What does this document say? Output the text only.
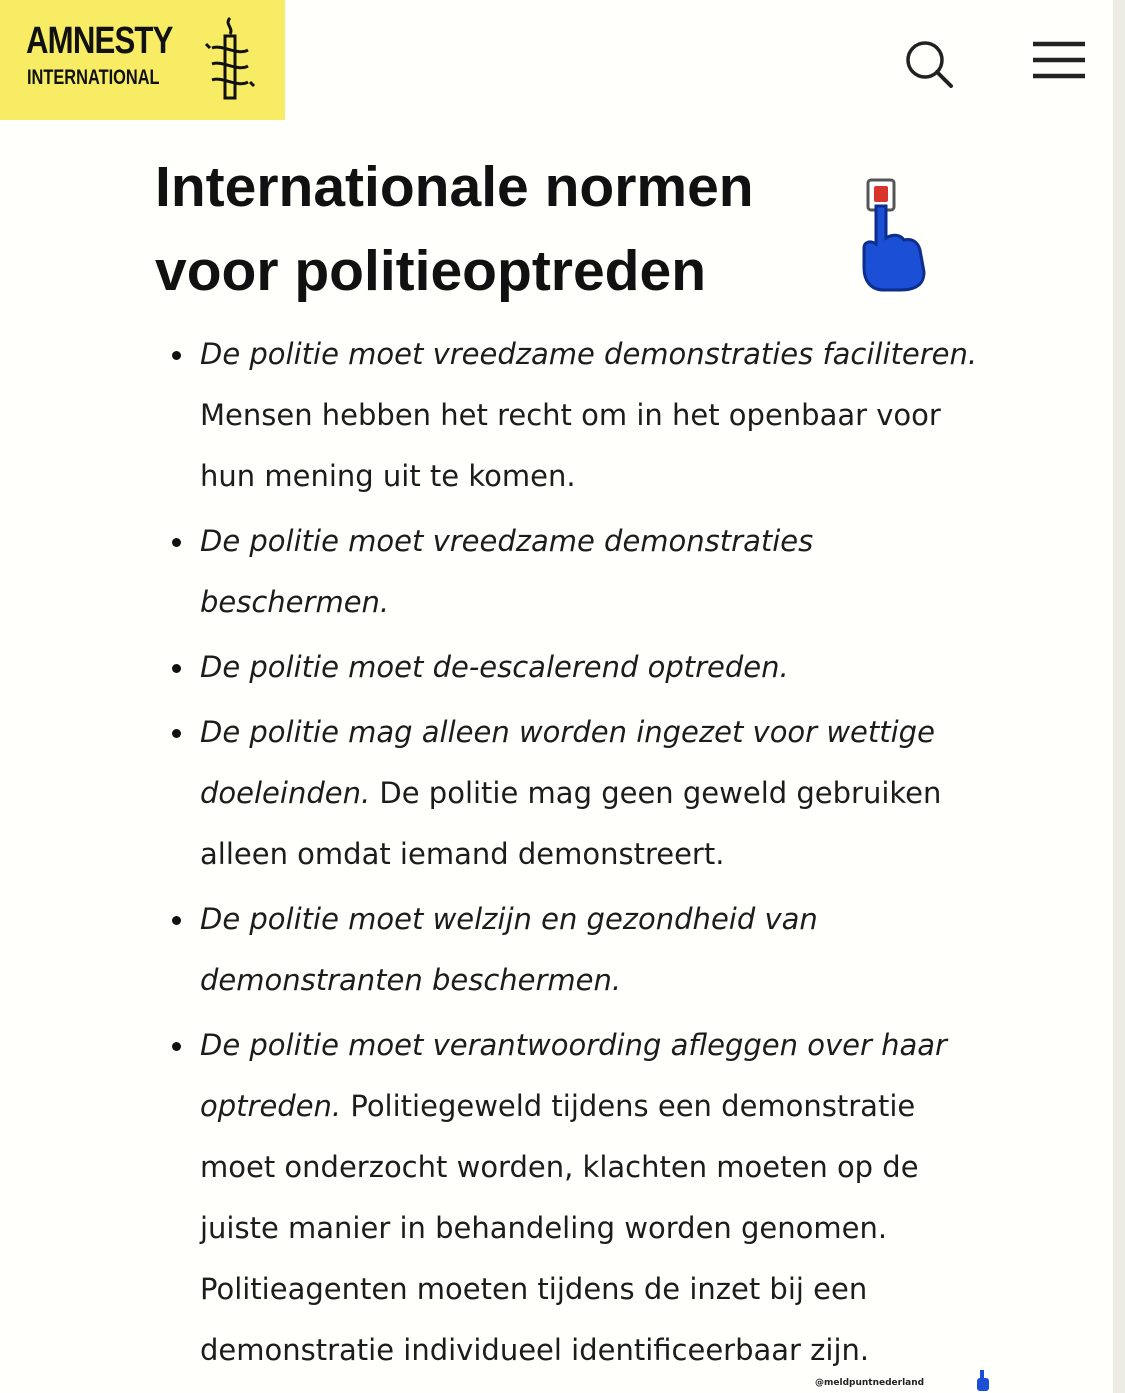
AMNESTY
INTERNATIONAL
Internationale normen
voor politieoptreden
De politie moet vreedzame demonstraties faciliteren. Mensen hebben het recht om in het openbaar voor hun mening uit te komen.
De politie moet vreedzame demonstraties beschermen.
De politie moet de-escalerend optreden.
De politie mag alleen worden ingezet voor wettige doeleinden. De politie mag geen geweld gebruiken alleen omdat iemand demonstreert.
De politie moet welzijn en gezondheid van demonstranten beschermen.
De politie moet verantwoording afleggen over haar optreden. Politiegeweld tijdens een demonstratie moet onderzocht worden, klachten moeten op de juiste manier in behandeling worden genomen. Politieagenten moeten tijdens de inzet bij een demonstratie individueel identificeerbaar zijn.
@meldpuntnederland
